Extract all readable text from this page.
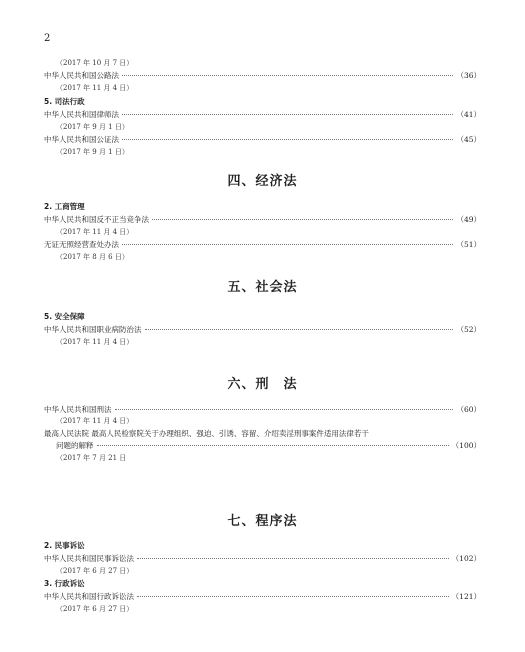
2
（2017 年 10 月 7 日）
中华人民共和国公路法	（36）
（2017 年 11 月 4 日）
5. 司法行政
中华人民共和国律师法	（41）
（2017 年 9 月 1 日）
中华人民共和国公证法	（45）
（2017 年 9 月 1 日）
四、经济法
2. 工商管理
中华人民共和国反不正当竞争法	（49）
（2017 年 11 月 4 日）
无证无照经营查处办法	（51）
（2017 年 8 月 6 日）
五、社会法
5. 安全保障
中华人民共和国职业病防治法	（52）
（2017 年 11 月 4 日）
六、刑　法
中华人民共和国刑法	（60）
（2017 年 11 月 4 日）
最高人民法院 最高人民检察院关于办理组织、强迫、引诱、容留、介绍卖淫刑事案件适用法律若干
问题的解释	（100）
（2017 年 7 月 21 日
七、程序法
2. 民事诉讼
中华人民共和国民事诉讼法	（102）
（2017 年 6 月 27 日）
3. 行政诉讼
中华人民共和国行政诉讼法	（121）
（2017 年 6 月 27 日）
